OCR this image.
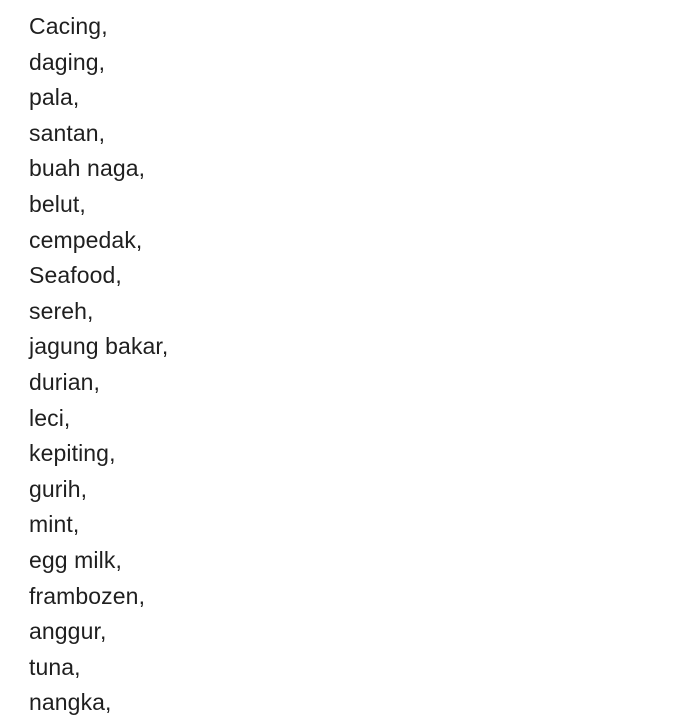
Cacing,
daging,
pala,
santan,
buah naga,
belut,
cempedak,
Seafood,
sereh,
jagung bakar,
durian,
leci,
kepiting,
gurih,
mint,
egg milk,
frambozen,
anggur,
tuna,
nangka,
